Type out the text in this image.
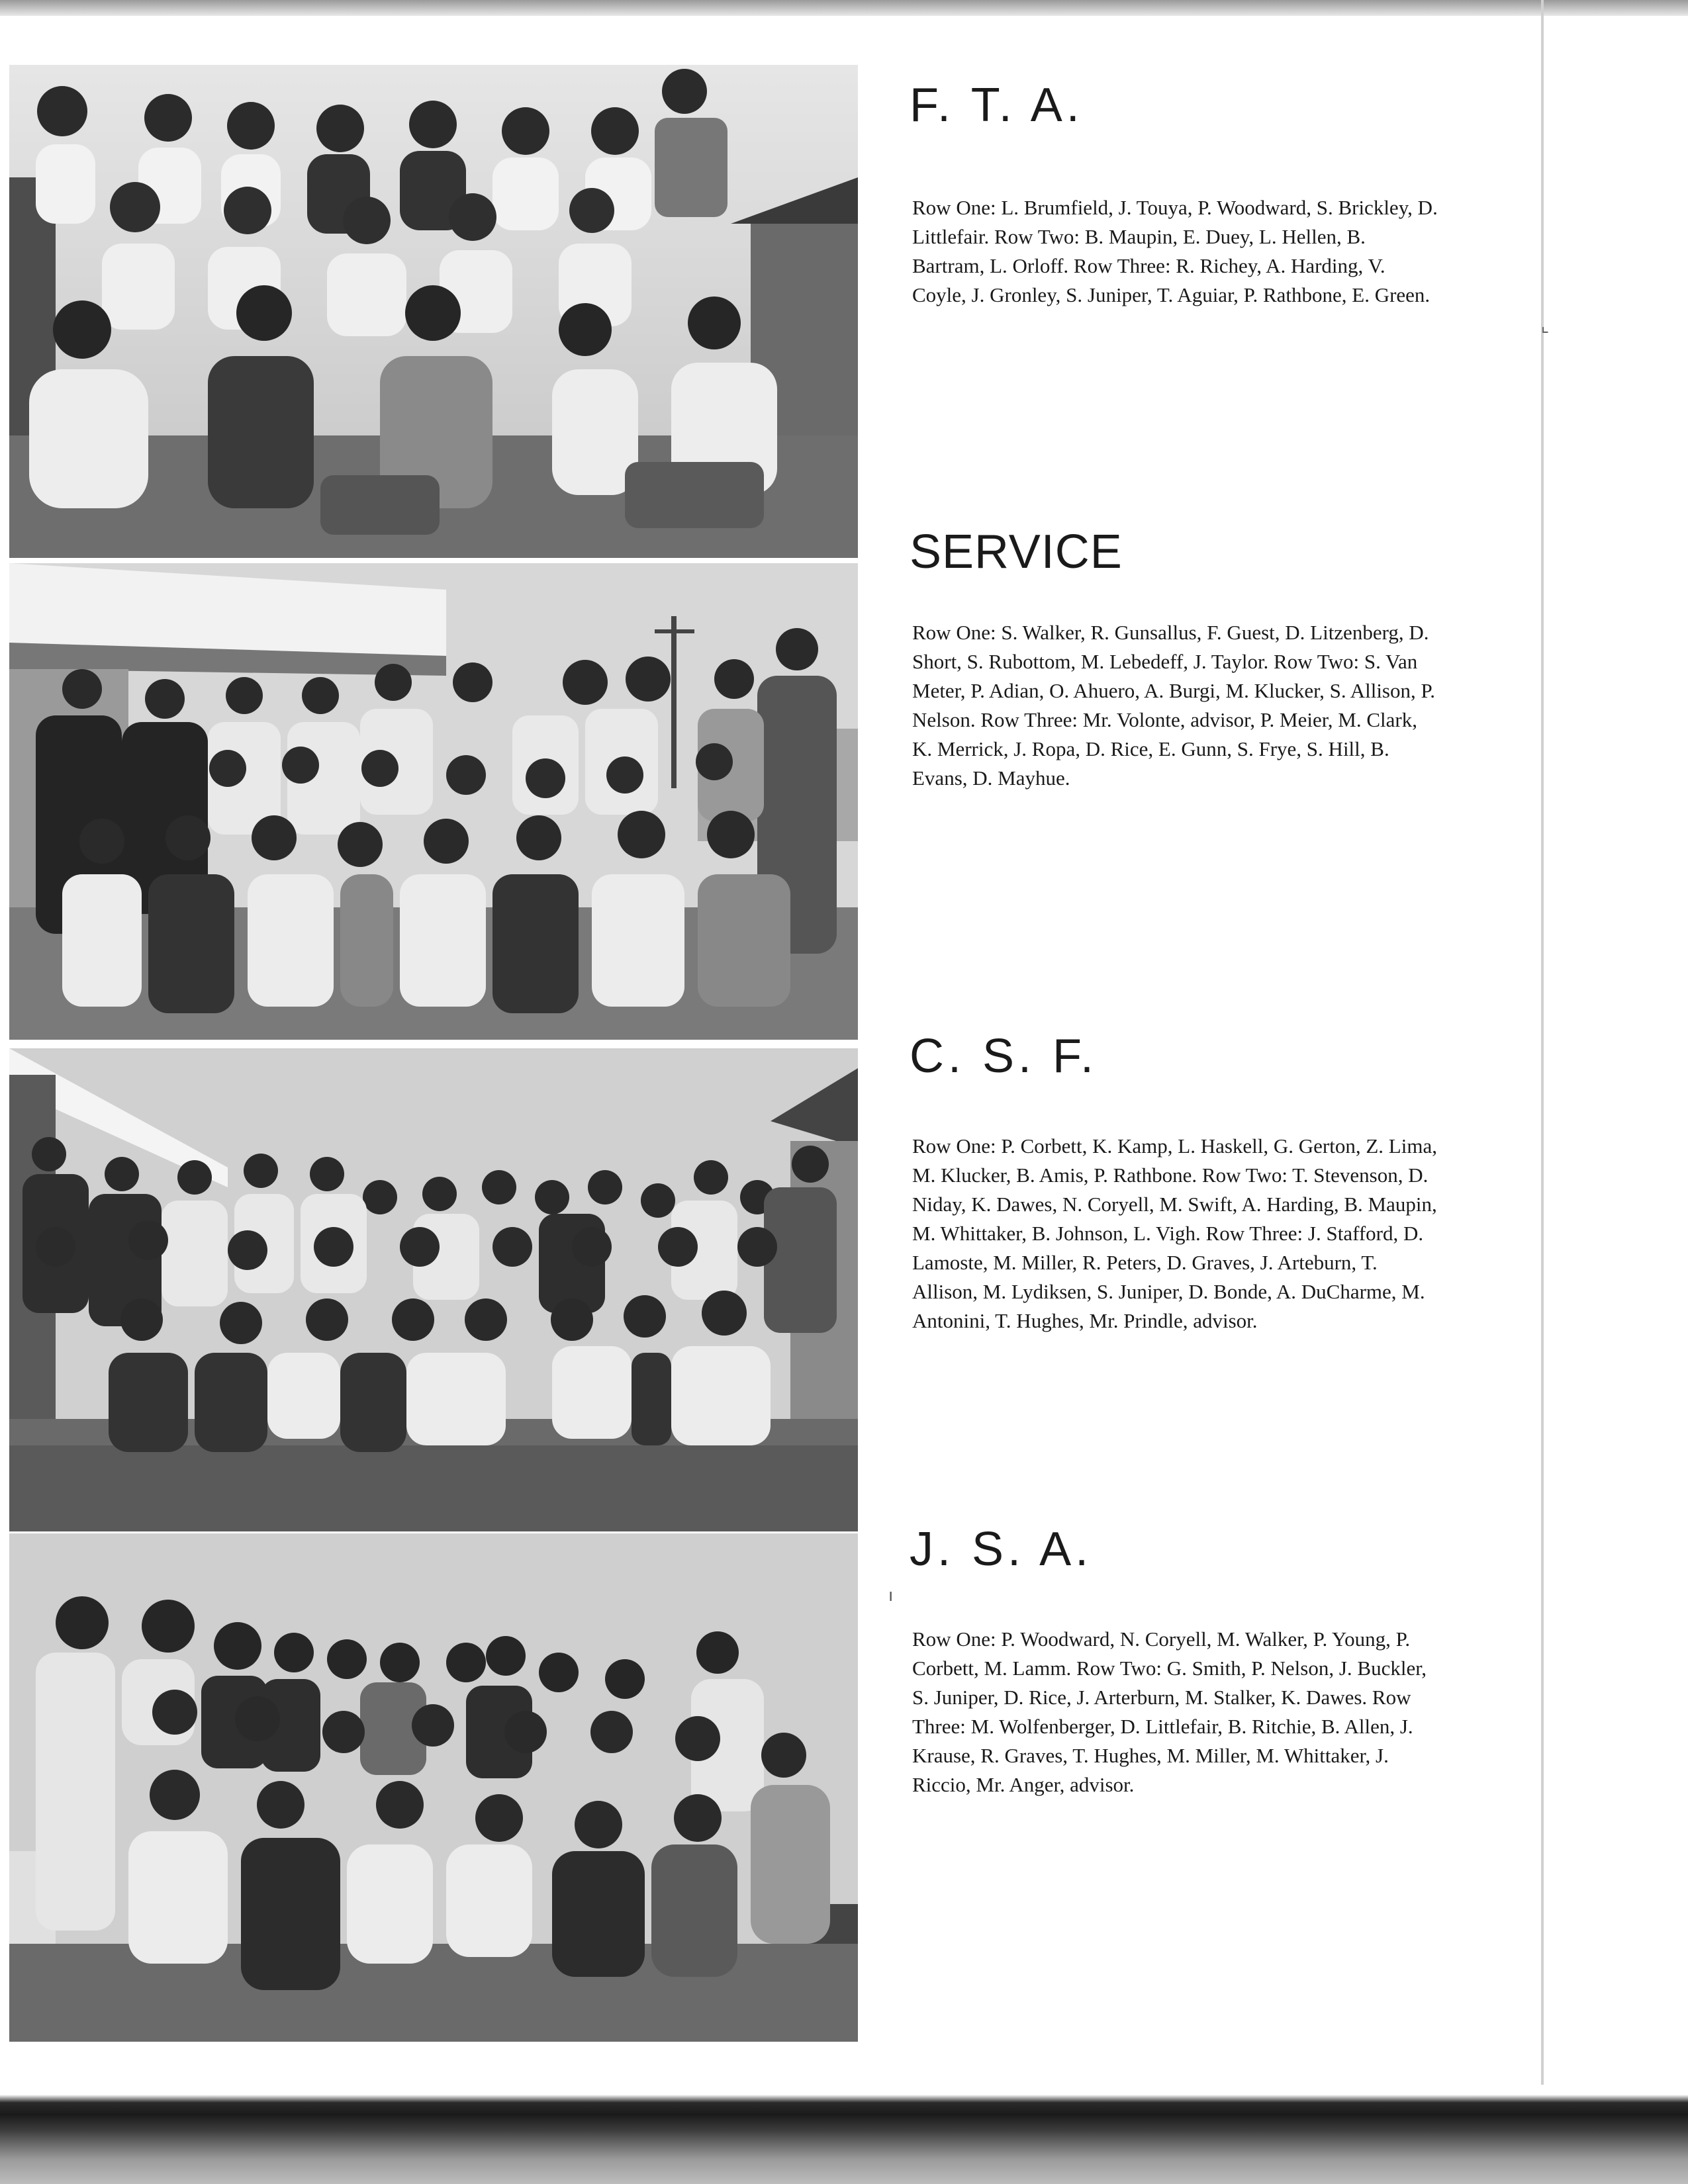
F. T. A.

Row One: L. Brumfield, J. Touya, P. Woodward, S. Brickley, D. Littlefair. Row Two: B. Maupin, E. Duey, L. Hellen, B. Bartram, L. Orloff. Row Three: R. Richey, A. Harding, V. Coyle, J. Gronley, S. Juniper, T. Aguiar, P. Rathbone, E. Green.

SERVICE

Row One: S. Walker, R. Gunsallus, F. Guest, D. Litzenberg, D. Short, S. Rubottom, M. Lebedeff, J. Taylor. Row Two: S. Van Meter, P. Adian, O. Ahuero, A. Burgi, M. Klucker, S. Allison, P. Nelson. Row Three: Mr. Volonte, advisor, P. Meier, M. Clark, K. Merrick, J. Ropa, D. Rice, E. Gunn, S. Frye, S. Hill, B. Evans, D. Mayhue.

C. S. F.

Row One: P. Corbett, K. Kamp, L. Haskell, G. Gerton, Z. Lima, M. Klucker, B. Amis, P. Rathbone. Row Two: T. Stevenson, D. Niday, K. Dawes, N. Coryell, M. Swift, A. Harding, B. Maupin, M. Whittaker, B. Johnson, L. Vigh. Row Three: J. Stafford, D. Lamoste, M. Miller, R. Peters, D. Graves, J. Arteburn, T. Allison, M. Lydiksen, S. Juniper, D. Bonde, A. DuCharme, M. Antonini, T. Hughes, Mr. Prindle, advisor.

J. S. A.

Row One: P. Woodward, N. Coryell, M. Walker, P. Young, P. Corbett, M. Lamm. Row Two: G. Smith, P. Nelson, J. Buckler, S. Juniper, D. Rice, J. Arterburn, M. Stalker, K. Dawes. Row Three: M. Wolfenberger, D. Littlefair, B. Ritchie, B. Allen, J. Krause, R. Graves, T. Hughes, M. Miller, M. Whittaker, J. Riccio, Mr. Anger, advisor.

⌞
ı
